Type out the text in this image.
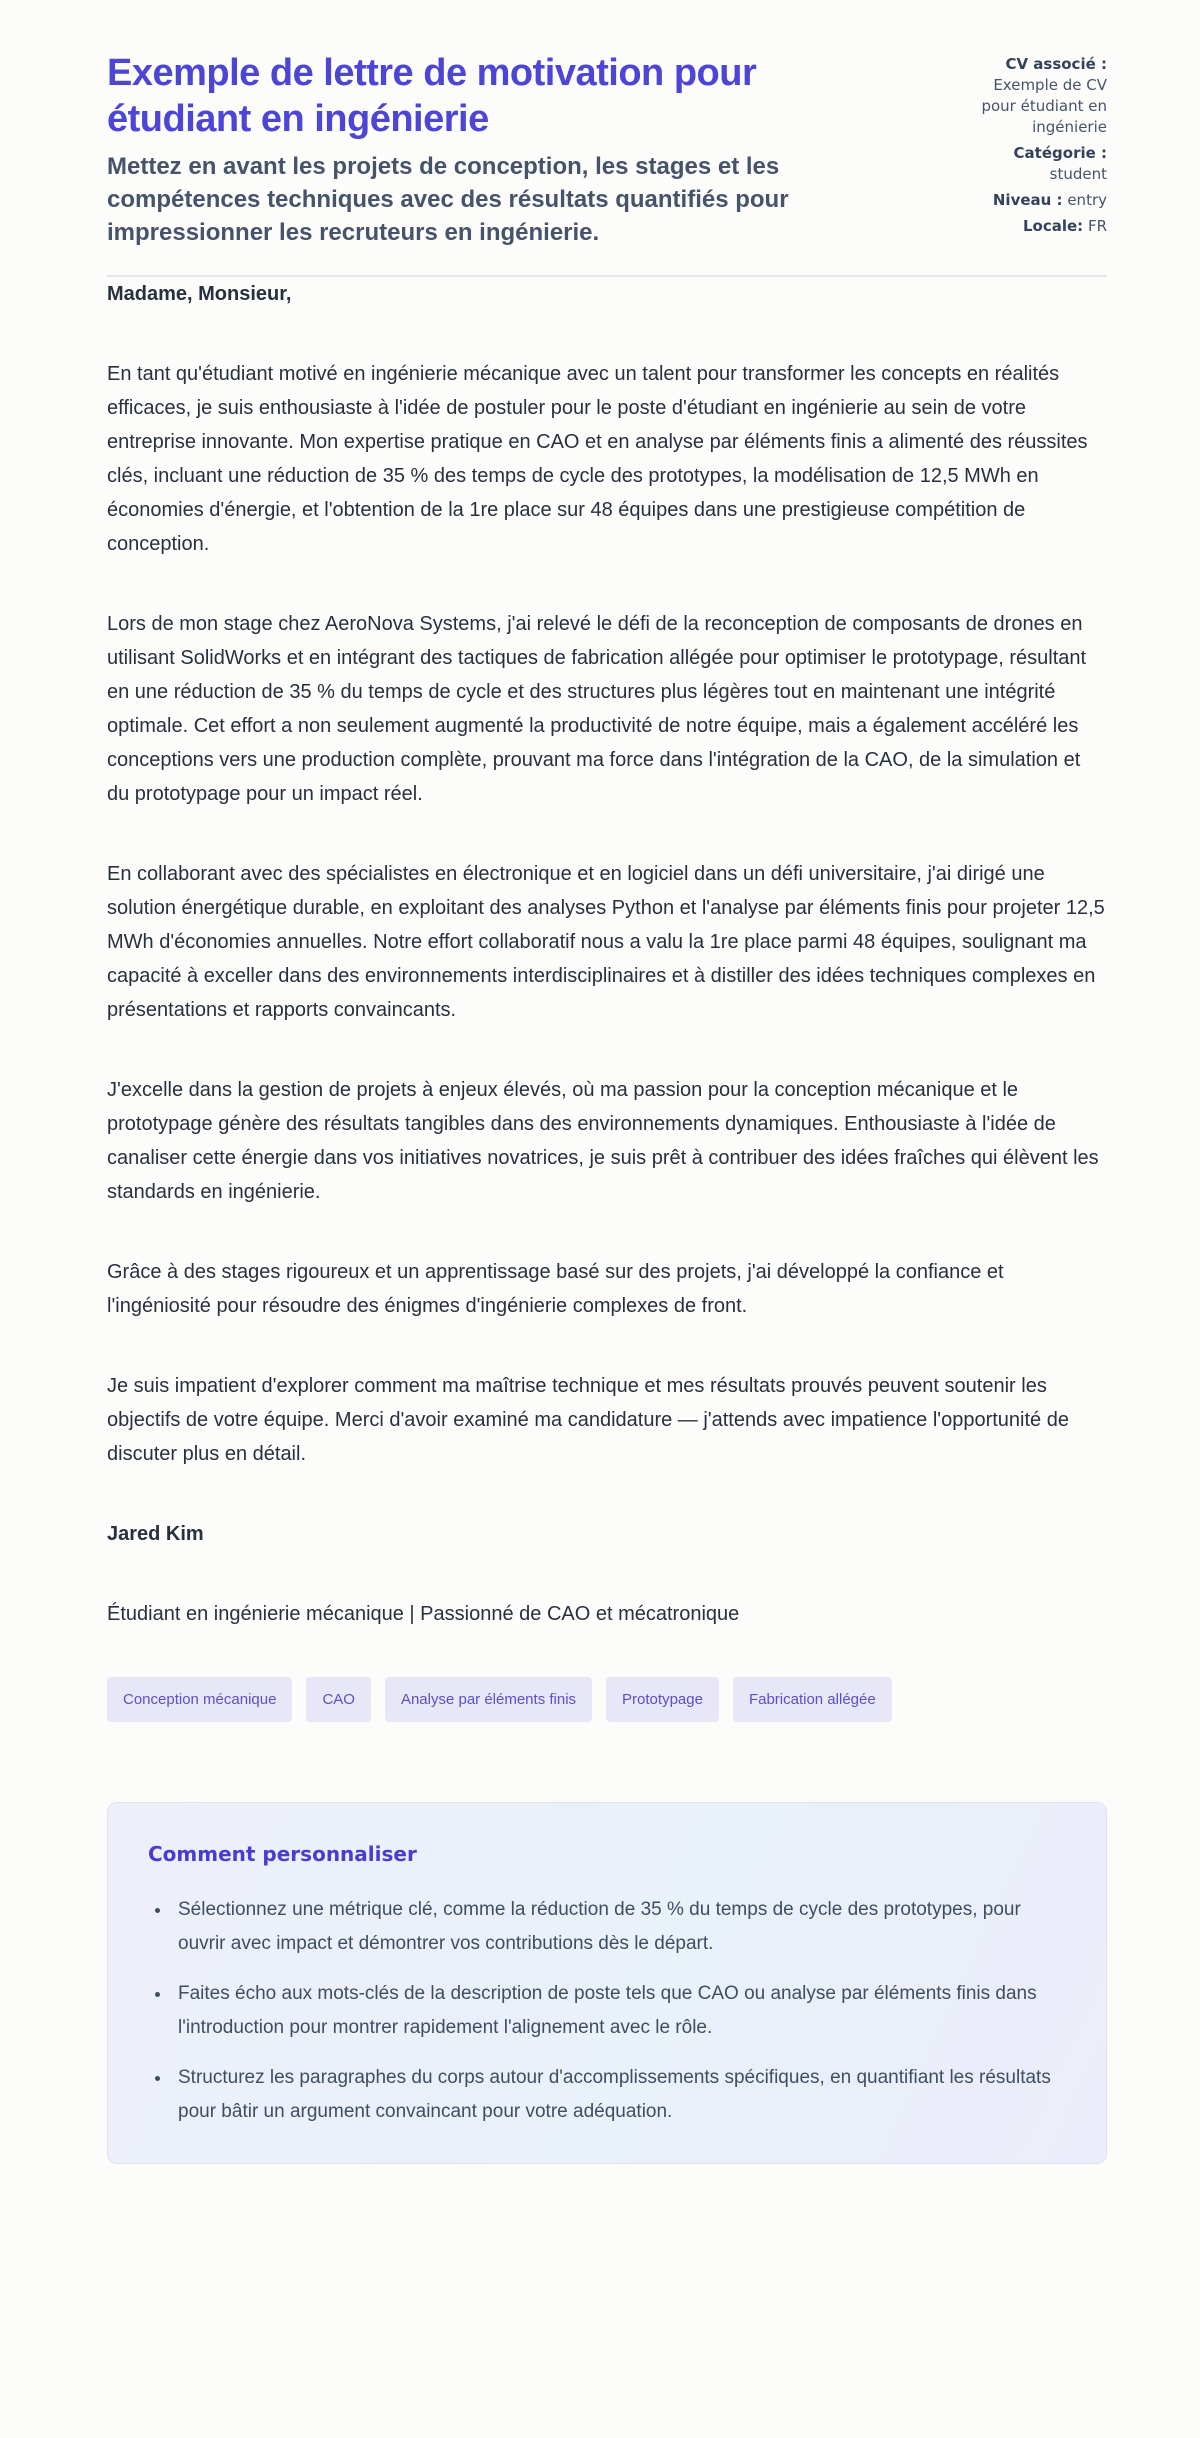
Exemple de lettre de motivation pour étudiant en ingénierie

Mettez en avant les projets de conception, les stages et les compétences techniques avec des résultats quantifiés pour impressionner les recruteurs en ingénierie.

CV associé : Exemple de CV pour étudiant en ingénierie
Catégorie : student
Niveau : entry
Locale: FR

Madame, Monsieur,

En tant qu'étudiant motivé en ingénierie mécanique avec un talent pour transformer les concepts en réalités efficaces, je suis enthousiaste à l'idée de postuler pour le poste d'étudiant en ingénierie au sein de votre entreprise innovante. Mon expertise pratique en CAO et en analyse par éléments finis a alimenté des réussites clés, incluant une réduction de 35 % des temps de cycle des prototypes, la modélisation de 12,5 MWh en économies d'énergie, et l'obtention de la 1re place sur 48 équipes dans une prestigieuse compétition de conception.

Lors de mon stage chez AeroNova Systems, j'ai relevé le défi de la reconception de composants de drones en utilisant SolidWorks et en intégrant des tactiques de fabrication allégée pour optimiser le prototypage, résultant en une réduction de 35 % du temps de cycle et des structures plus légères tout en maintenant une intégrité optimale. Cet effort a non seulement augmenté la productivité de notre équipe, mais a également accéléré les conceptions vers une production complète, prouvant ma force dans l'intégration de la CAO, de la simulation et du prototypage pour un impact réel.

En collaborant avec des spécialistes en électronique et en logiciel dans un défi universitaire, j'ai dirigé une solution énergétique durable, en exploitant des analyses Python et l'analyse par éléments finis pour projeter 12,5 MWh d'économies annuelles. Notre effort collaboratif nous a valu la 1re place parmi 48 équipes, soulignant ma capacité à exceller dans des environnements interdisciplinaires et à distiller des idées techniques complexes en présentations et rapports convaincants.

J'excelle dans la gestion de projets à enjeux élevés, où ma passion pour la conception mécanique et le prototypage génère des résultats tangibles dans des environnements dynamiques. Enthousiaste à l'idée de canaliser cette énergie dans vos initiatives novatrices, je suis prêt à contribuer des idées fraîches qui élèvent les standards en ingénierie.

Grâce à des stages rigoureux et un apprentissage basé sur des projets, j'ai développé la confiance et l'ingéniosité pour résoudre des énigmes d'ingénierie complexes de front.

Je suis impatient d'explorer comment ma maîtrise technique et mes résultats prouvés peuvent soutenir les objectifs de votre équipe. Merci d'avoir examiné ma candidature — j'attends avec impatience l'opportunité de discuter plus en détail.

Jared Kim

Étudiant en ingénierie mécanique | Passionné de CAO et mécatronique

Conception mécanique	CAO	Analyse par éléments finis	Prototypage	Fabrication allégée
Comment personnaliser
• Sélectionnez une métrique clé, comme la réduction de 35 % du temps de cycle des prototypes, pour ouvrir avec impact et démontrer vos contributions dès le départ.
• Faites écho aux mots-clés de la description de poste tels que CAO ou analyse par éléments finis dans l'introduction pour montrer rapidement l'alignement avec le rôle.
• Structurez les paragraphes du corps autour d'accomplissements spécifiques, en quantifiant les résultats pour bâtir un argument convaincant pour votre adéquation.
